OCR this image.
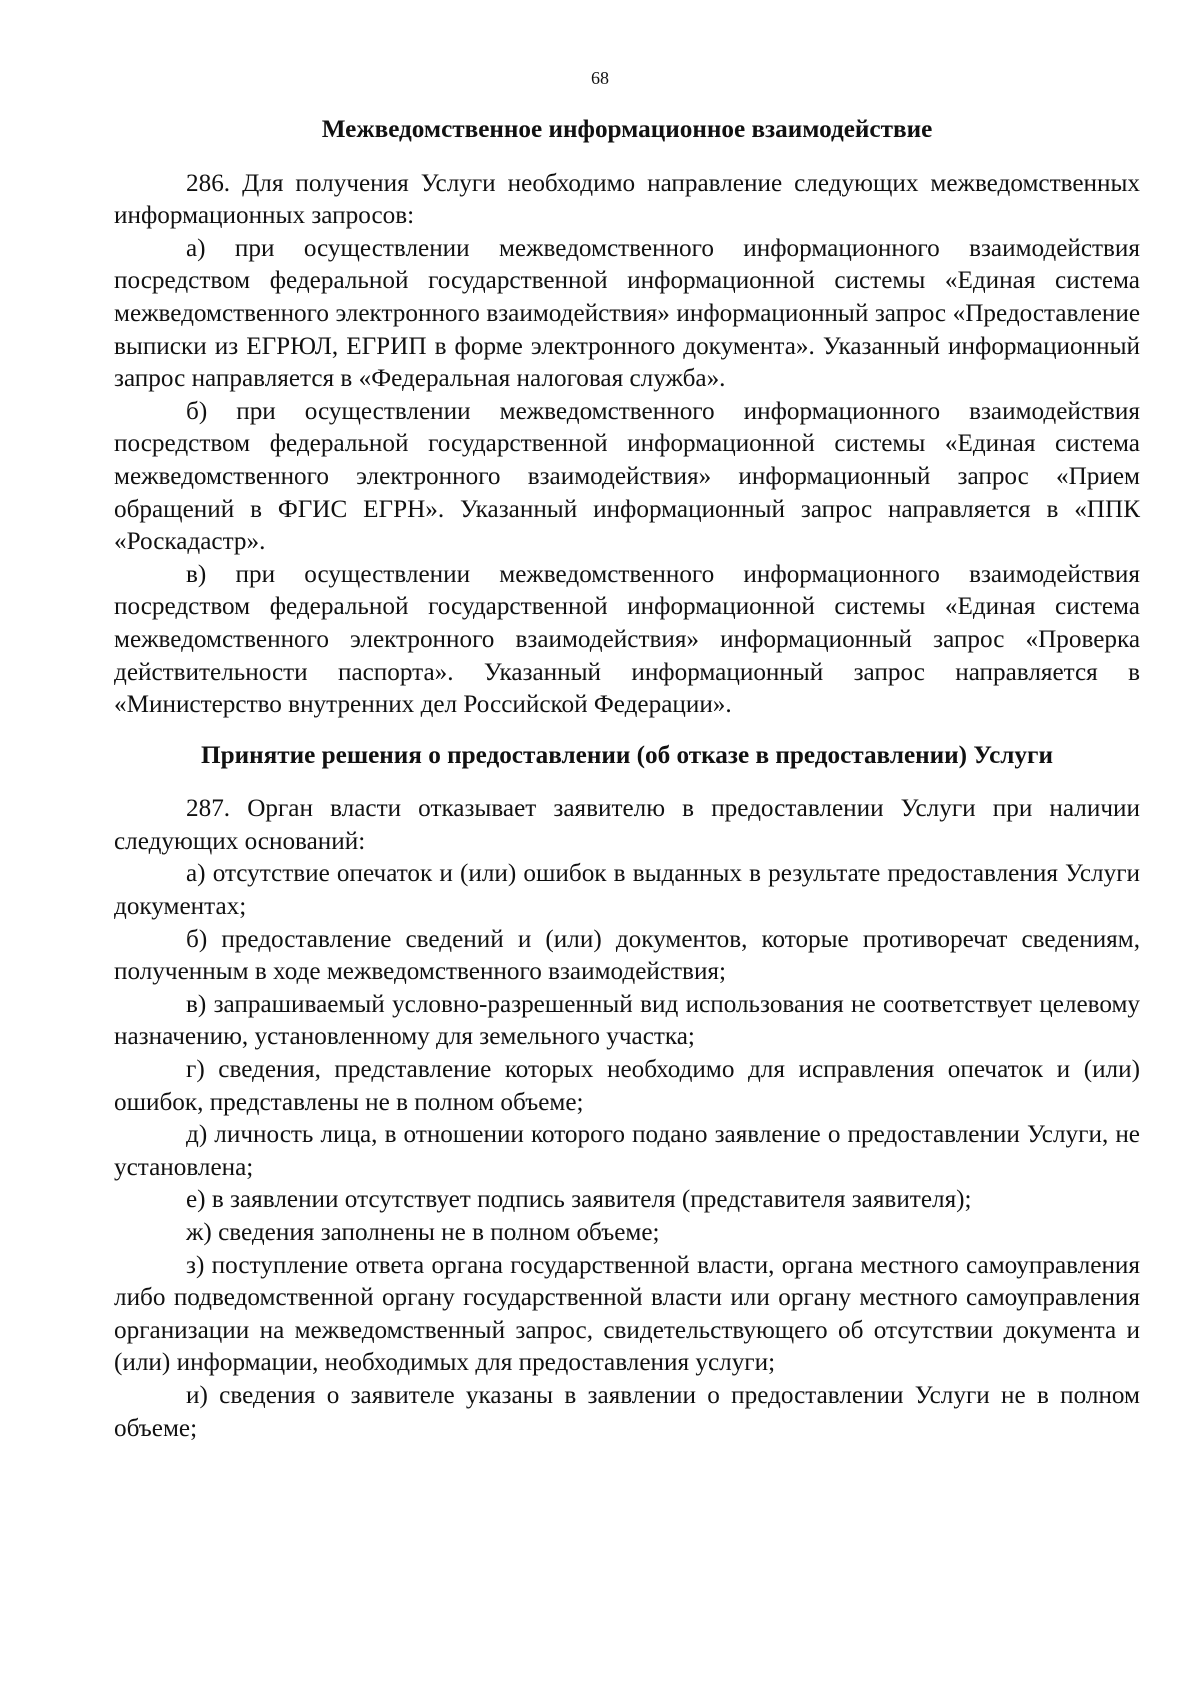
68
Межведомственное информационное взаимодействие

286. Для получения Услуги необходимо направление следующих межведомственных информационных запросов:

а) при осуществлении межведомственного информационного взаимодействия посредством федеральной государственной информационной системы «Единая система межведомственного электронного взаимодействия» информационный запрос «Предоставление выписки из ЕГРЮЛ, ЕГРИП в форме электронного документа». Указанный информационный запрос направляется в «Федеральная налоговая служба».

б) при осуществлении межведомственного информационного взаимодействия посредством федеральной государственной информационной системы «Единая система межведомственного электронного взаимодействия» информационный запрос «Прием обращений в ФГИС ЕГРН». Указанный информационный запрос направляется в «ППК «Роскадастр».

в) при осуществлении межведомственного информационного взаимодействия посредством федеральной государственной информационной системы «Единая система межведомственного электронного взаимодействия» информационный запрос «Проверка действительности паспорта». Указанный информационный запрос направляется в «Министерство внутренних дел Российской Федерации».

Принятие решения о предоставлении (об отказе в предоставлении) Услуги

287. Орган власти отказывает заявителю в предоставлении Услуги при наличии следующих оснований:

а) отсутствие опечаток и (или) ошибок в выданных в результате предоставления Услуги документах;

б) предоставление сведений и (или) документов, которые противоречат сведениям, полученным в ходе межведомственного взаимодействия;

в) запрашиваемый условно-разрешенный вид использования не соответствует целевому назначению, установленному для земельного участка;

г) сведения, представление которых необходимо для исправления опечаток и (или) ошибок, представлены не в полном объеме;

д) личность лица, в отношении которого подано заявление о предоставлении Услуги, не установлена;

е) в заявлении отсутствует подпись заявителя (представителя заявителя);

ж) сведения заполнены не в полном объеме;

з) поступление ответа органа государственной власти, органа местного самоуправления либо подведомственной органу государственной власти или органу местного самоуправления организации на межведомственный запрос, свидетельствующего об отсутствии документа и (или) информации, необходимых для предоставления услуги;

и) сведения о заявителе указаны в заявлении о предоставлении Услуги не в полном объеме;
